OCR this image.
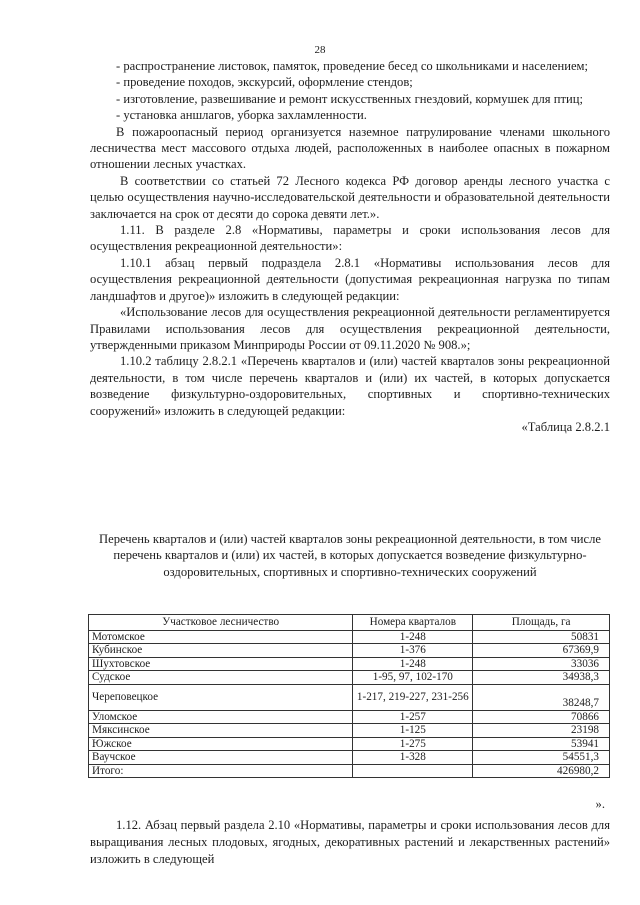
28

- распространение листовок, памяток, проведение бесед со школьниками и населением;

- проведение походов, экскурсий, оформление стендов;

- изготовление, развешивание и ремонт искусственных гнездовий, кормушек для птиц;

- установка аншлагов, уборка захламленности.

В пожароопасный период организуется наземное патрулирование членами школьного лесничества мест массового отдыха людей, расположенных в наиболее опасных в пожарном отношении лесных участках.

В соответствии со статьей 72 Лесного кодекса РФ договор аренды лесного участка с целью осуществления научно-исследовательской деятельности и образовательной деятельности заключается на срок от десяти до сорока девяти лет.».

1.11. В разделе 2.8 «Нормативы, параметры и сроки использования лесов для осуществления рекреационной деятельности»:

1.10.1 абзац первый подраздела 2.8.1 «Нормативы использования лесов для осуществления рекреационной деятельности (допустимая рекреационная нагрузка по типам ландшафтов и другое)» изложить в следующей редакции:

«Использование лесов для осуществления рекреационной деятельности регламентируется Правилами использования лесов для осуществления рекреационной деятельности, утвержденными приказом Минприроды России от 09.11.2020 № 908.»;

1.10.2 таблицу 2.8.2.1 «Перечень кварталов и (или) частей кварталов зоны рекреационной деятельности, в том числе перечень кварталов и (или) их частей, в которых допускается возведение физкультурно-оздоровительных, спортивных и спортивно-технических сооружений» изложить в следующей редакции:

«Таблица 2.8.2.1

Перечень кварталов и (или) частей кварталов зоны рекреационной деятельности, в том числе перечень кварталов и (или) их частей, в которых допускается возведение физкультурно-оздоровительных, спортивных и спортивно-технических сооружений
Участковое лесничество	Номера кварталов	Площадь, га
Мотомское	1-248	50831
Кубинское	1-376	67369,9
Шухтовское	1-248	33036
Судское	1-95, 97, 102-170	34938,3
Череповецкое	1-217, 219-227, 231-256	38248,7
Уломское	1-257	70866
Мяксинское	1-125	23198
Южское	1-275	53941
Ваучское	1-328	54551,3
Итого:		426980,2
».

1.12. Абзац первый раздела 2.10 «Нормативы, параметры и сроки использования лесов для выращивания лесных плодовых, ягодных, декоративных растений и лекарственных растений» изложить в следующей
